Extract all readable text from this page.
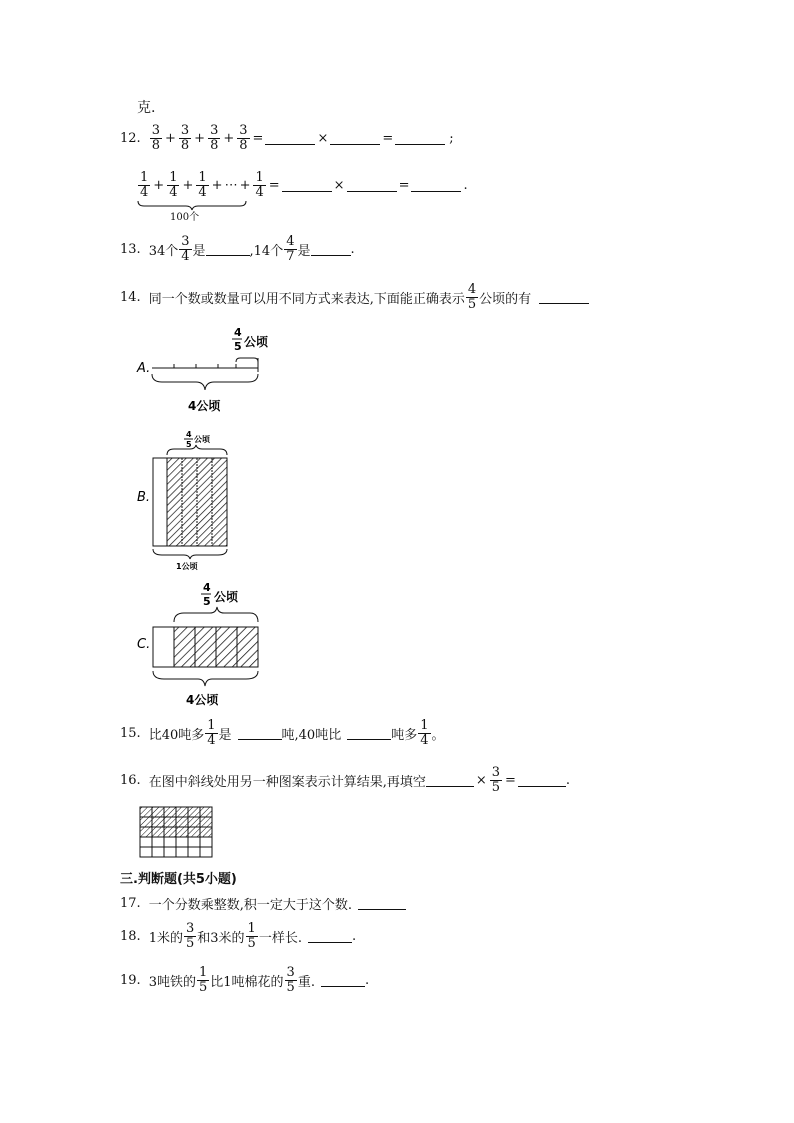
克.
12. $\frac{3}{8} + \frac{3}{8} + \frac{3}{8} + \frac{3}{8}$ =	×	=	;
$\frac{1}{4} + \frac{1}{4} + \frac{1}{4}$ + ⋯ + $\frac{1}{4}$ =	×	=	.
100个
13. 34个 $\frac{3}{4}$ 是	,14个 $\frac{4}{7}$ 是	.
14. 同一个数或数量可以用不同方式来表达,下面能正确表示 $\frac{4}{5}$ 公顷的有
A.
4
5 公顷
4公顷
4
5
公顷
B.
1公顷
4
5 公顷
C.
4公顷
15. 比40吨多 $\frac{1}{4}$ 是	吨,40吨比	吨多 $\frac{1}{4}$ 。
16. 在图中斜线处用另一种图案表示计算结果,再填空	× $\frac{3}{5}$ =	.
三.判断题(共5小题)
17. 一个分数乘整数,积一定大于这个数.
18. 1米的 $\frac{3}{5}$ 和3米的 $\frac{1}{5}$ 一样长.	.
19. 3吨铁的 $\frac{1}{5}$ 比1吨棉花的 $\frac{3}{5}$ 重.	.
